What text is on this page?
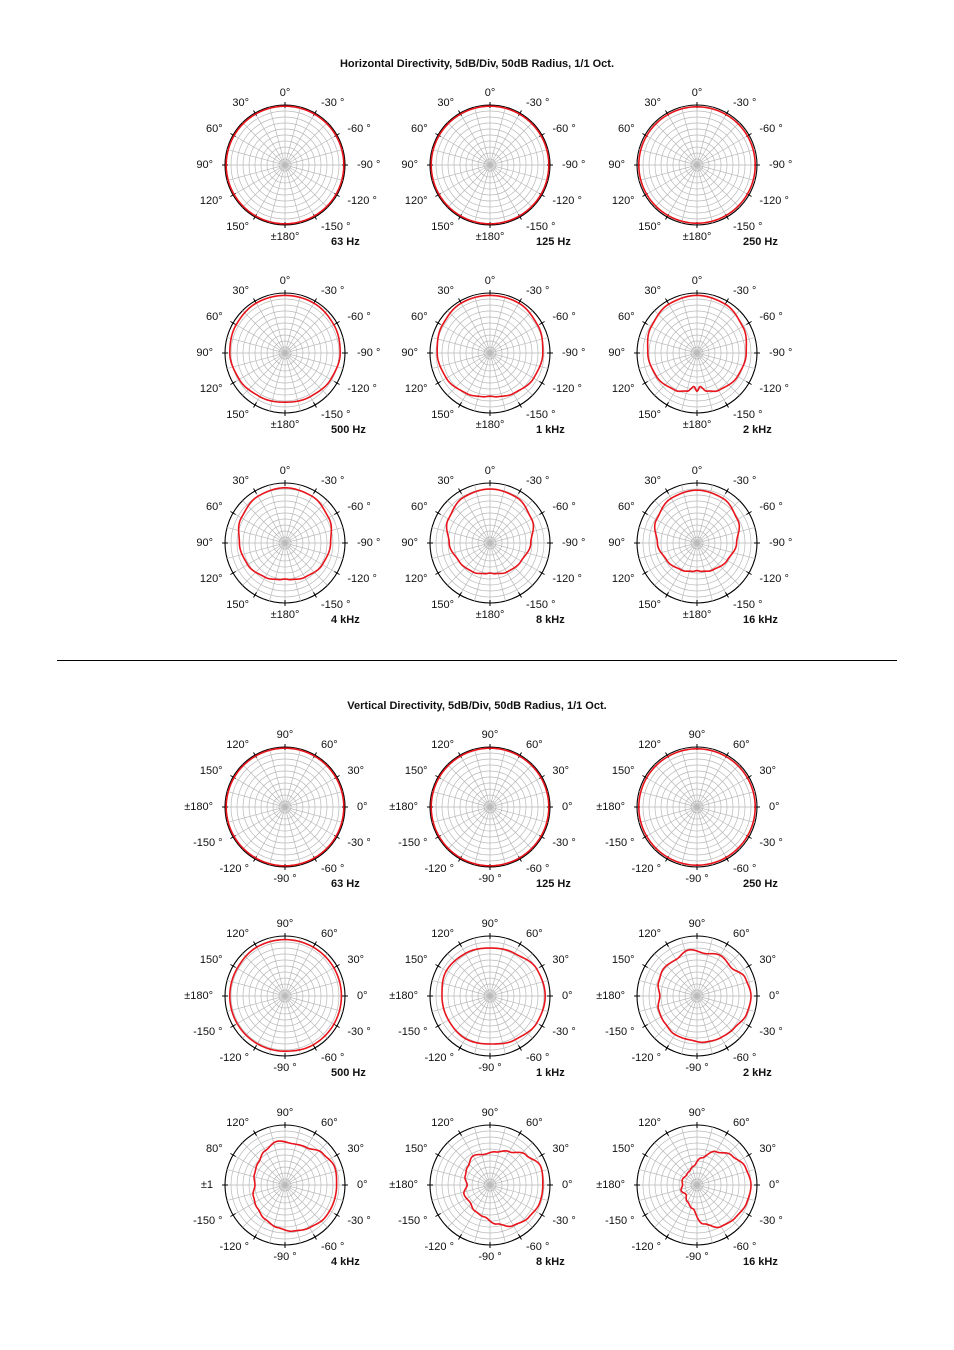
Horizontal Directivity, 5dB/Div, 50dB Radius, 1/1 Oct.
Vertical Directivity, 5dB/Div, 50dB Radius, 1/1 Oct.
0°
-30 °
-60 °
-90 °
-120 °
-150 °
±180°
150°
120°
90°
60°
30°
63 Hz
0°
-30 °
-60 °
-90 °
-120 °
-150 °
±180°
150°
120°
90°
60°
30°
125 Hz
0°
-30 °
-60 °
-90 °
-120 °
-150 °
±180°
150°
120°
90°
60°
30°
250 Hz
0°
-30 °
-60 °
-90 °
-120 °
-150 °
±180°
150°
120°
90°
60°
30°
500 Hz
0°
-30 °
-60 °
-90 °
-120 °
-150 °
±180°
150°
120°
90°
60°
30°
1 kHz
0°
-30 °
-60 °
-90 °
-120 °
-150 °
±180°
150°
120°
90°
60°
30°
2 kHz
0°
-30 °
-60 °
-90 °
-120 °
-150 °
±180°
150°
120°
90°
60°
30°
4 kHz
0°
-30 °
-60 °
-90 °
-120 °
-150 °
±180°
150°
120°
90°
60°
30°
8 kHz
0°
-30 °
-60 °
-90 °
-120 °
-150 °
±180°
150°
120°
90°
60°
30°
16 kHz
90°
60°
30°
0°
-30 °
-60 °
-90 °
-120 °
-150 °
±180°
150°
120°
63 Hz
90°
60°
30°
0°
-30 °
-60 °
-90 °
-120 °
-150 °
±180°
150°
120°
125 Hz
90°
60°
30°
0°
-30 °
-60 °
-90 °
-120 °
-150 °
±180°
150°
120°
250 Hz
90°
60°
30°
0°
-30 °
-60 °
-90 °
-120 °
-150 °
±180°
150°
120°
500 Hz
90°
60°
30°
0°
-30 °
-60 °
-90 °
-120 °
-150 °
±180°
150°
120°
1 kHz
90°
60°
30°
0°
-30 °
-60 °
-90 °
-120 °
-150 °
±180°
150°
120°
2 kHz
90°
60°
30°
0°
-30 °
-60 °
-90 °
-120 °
-150 °
±1
80°
120°
4 kHz
90°
60°
30°
0°
-30 °
-60 °
-90 °
-120 °
-150 °
±180°
150°
120°
8 kHz
90°
60°
30°
0°
-30 °
-60 °
-90 °
-120 °
-150 °
±180°
150°
120°
16 kHz
